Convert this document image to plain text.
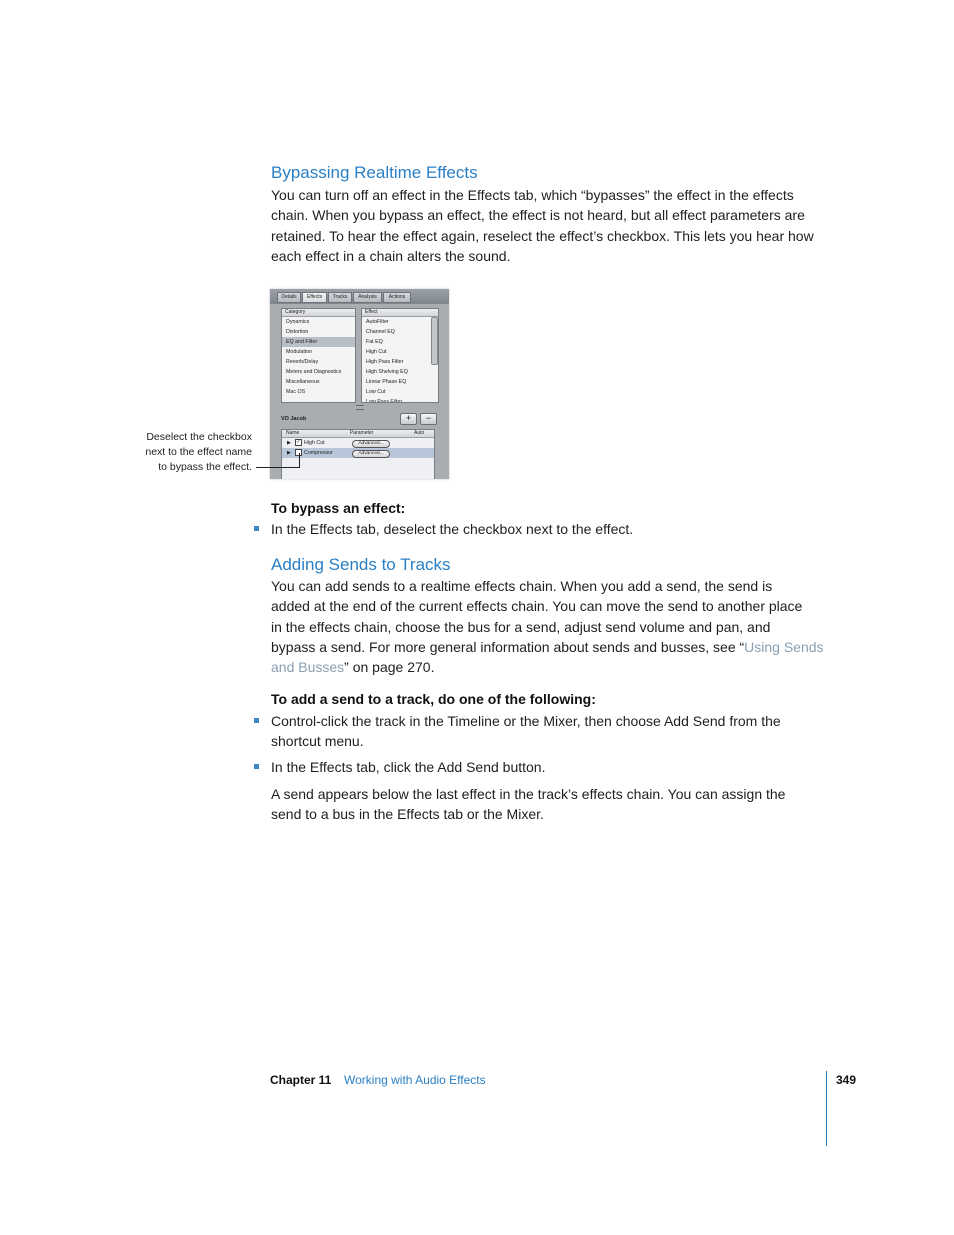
Bypassing Realtime Effects
You can turn off an effect in the Effects tab, which “bypasses” the effect in the effects
chain. When you bypass an effect, the effect is not heard, but all effect parameters are
retained. To hear the effect again, reselect the effect’s checkbox. This lets you hear how
each effect in a chain alters the sound.
Details	Effects	Tracks	Analysis	Actions
Category
Dynamics
Distortion
EQ and Filter
Modulation
Reverb/Delay
Meters and Diagnostics
Miscellaneous
Mac OS
Effect
AutoFilter
Channel EQ
Fat EQ
High Cut
High Pass Filter
High Shelving EQ
Linear Phase EQ
Low Cut
Low Pass Filter
VO Jacob	+	−
Name	Parameter	Auto
▶ ✓ High Cut	Advanced...
▶ Compressor	Advanced...
Deselect the checkbox
next to the effect name
to bypass the effect.
To bypass an effect:
In the Effects tab, deselect the checkbox next to the effect.
Adding Sends to Tracks
You can add sends to a realtime effects chain. When you add a send, the send is
added at the end of the current effects chain. You can move the send to another place
in the effects chain, choose the bus for a send, adjust send volume and pan, and
bypass a send. For more general information about sends and busses, see “Using Sends
and Busses” on page 270.
To add a send to a track, do one of the following:
Control-click the track in the Timeline or the Mixer, then choose Add Send from the
shortcut menu.
In the Effects tab, click the Add Send button.
A send appears below the last effect in the track’s effects chain. You can assign the
send to a bus in the Effects tab or the Mixer.
Chapter 11 Working with Audio Effects	349
